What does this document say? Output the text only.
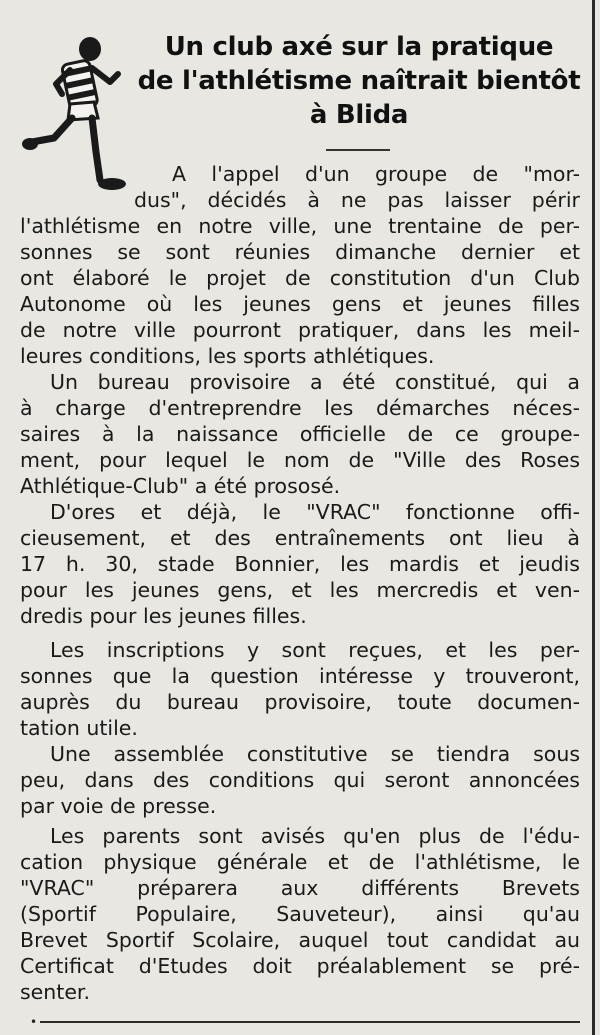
Un club axé sur la pratique
de l'athlétisme naîtrait bientôt
à Blida
A l'appel d'un groupe de "mor-
dus", décidés à ne pas laisser périr
l'athlétisme en notre ville, une trentaine de per-
sonnes se sont réunies dimanche dernier et
ont élaboré le projet de constitution d'un Club
Autonome où les jeunes gens et jeunes filles
de notre ville pourront pratiquer, dans les meil-
leures conditions, les sports athlétiques.
Un bureau provisoire a été constitué, qui a
à charge d'entreprendre les démarches néces-
saires à la naissance officielle de ce groupe-
ment, pour lequel le nom de "Ville des Roses
Athlétique-Club" a été prososé.
D'ores et déjà, le "VRAC" fonctionne offi-
cieusement, et des entraînements ont lieu à
17 h. 30, stade Bonnier, les mardis et jeudis
pour les jeunes gens, et les mercredis et ven-
dredis pour les jeunes filles.
Les inscriptions y sont reçues, et les per-
sonnes que la question intéresse y trouveront,
auprès du bureau provisoire, toute documen-
tation utile.
Une assemblée constitutive se tiendra sous
peu, dans des conditions qui seront annoncées
par voie de presse.
Les parents sont avisés qu'en plus de l'édu-
cation physique générale et de l'athlétisme, le
"VRAC" préparera aux différents Brevets
(Sportif Populaire, Sauveteur), ainsi qu'au
Brevet Sportif Scolaire, auquel tout candidat au
Certificat d'Etudes doit préalablement se pré-
senter.
•
